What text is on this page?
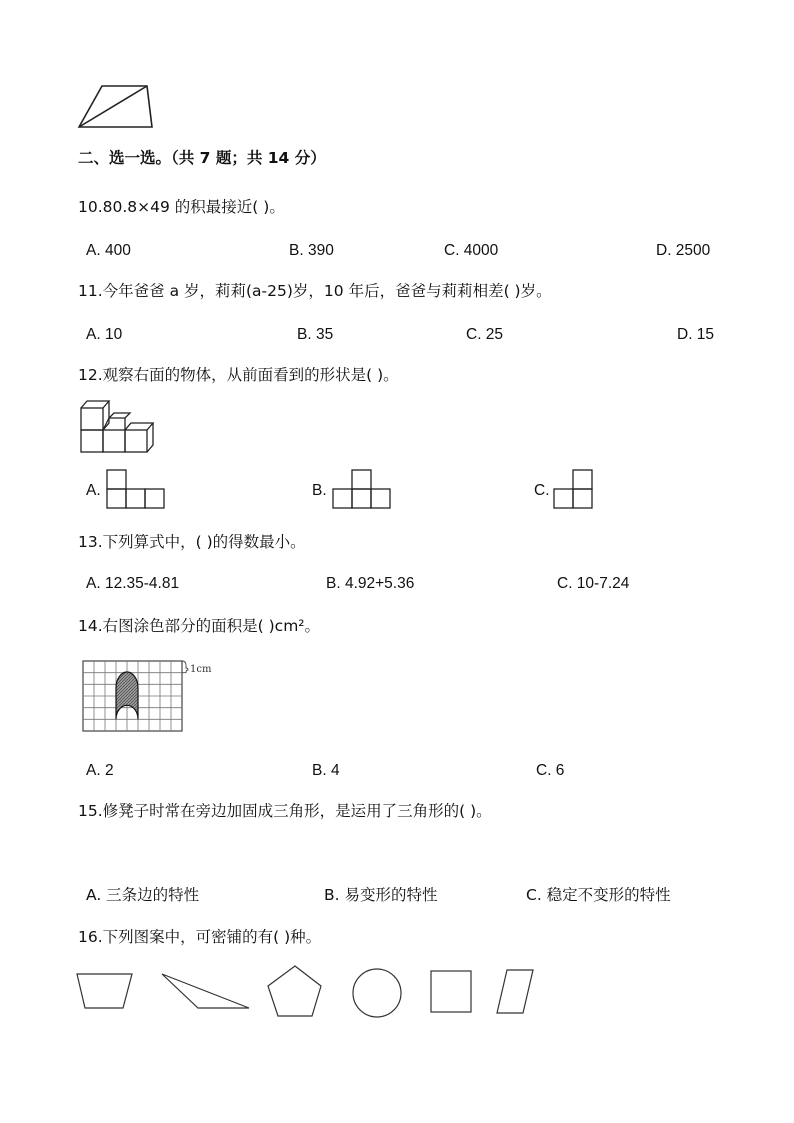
二、选一选。（共 7 题；共 14 分）
10.80.8×49 的积最接近( )。
A. 400	B. 390	C. 4000	D. 2500
11.今年爸爸 a 岁，莉莉(a-25)岁，10 年后，爸爸与莉莉相差( )岁。
A. 10	B. 35	C. 25	D. 15
12.观察右面的物体，从前面看到的形状是( )。
A.	B.	C.
13.下列算式中，( )的得数最小。
A. 12.35-4.81	B. 4.92+5.36	C. 10-7.24
14.右图涂色部分的面积是( )cm²。
1cm
A. 2	B. 4	C. 6
15.修凳子时常在旁边加固成三角形，是运用了三角形的( )。
A. 三条边的特性	B. 易变形的特性	C. 稳定不变形的特性
16.下列图案中，可密铺的有( )种。
